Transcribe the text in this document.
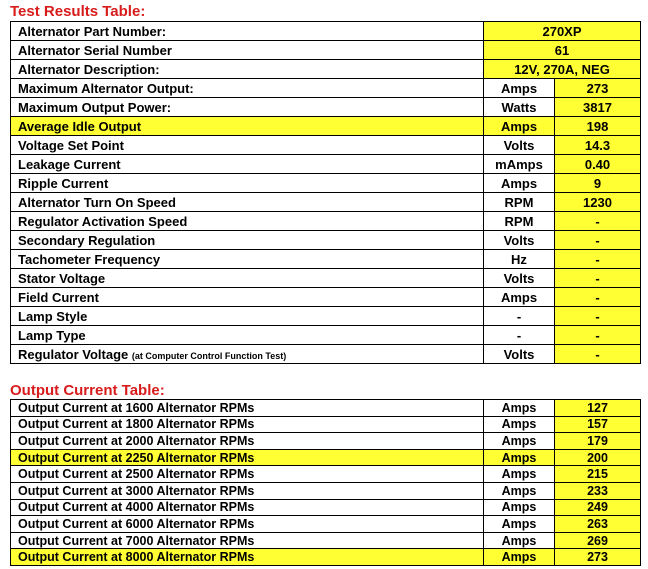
Test Results Table:
Alternator Part Number:	270XP	
Alternator Serial Number	61	
Alternator Description:	12V, 270A, NEG	
Maximum Alternator Output:	Amps	273
Maximum Output Power:	Watts	3817
Average Idle Output	Amps	198
Voltage Set Point	Volts	14.3
Leakage Current	mAmps	0.40
Ripple Current	Amps	9
Alternator Turn On Speed	RPM	1230
Regulator Activation Speed	RPM	-
Secondary Regulation	Volts	-
Tachometer Frequency	Hz	-
Stator Voltage	Volts	-
Field Current	Amps	-
Lamp Style	-	-
Lamp Type	-	-
Regulator Voltage (at Computer Control Function Test)	Volts	-
Output Current Table:
Output Current at 1600 Alternator RPMs	Amps	127
Output Current at 1800 Alternator RPMs	Amps	157
Output Current at 2000 Alternator RPMs	Amps	179
Output Current at 2250 Alternator RPMs	Amps	200
Output Current at 2500 Alternator RPMs	Amps	215
Output Current at 3000 Alternator RPMs	Amps	233
Output Current at 4000 Alternator RPMs	Amps	249
Output Current at 6000 Alternator RPMs	Amps	263
Output Current at 7000 Alternator RPMs	Amps	269
Output Current at 8000 Alternator RPMs	Amps	273
